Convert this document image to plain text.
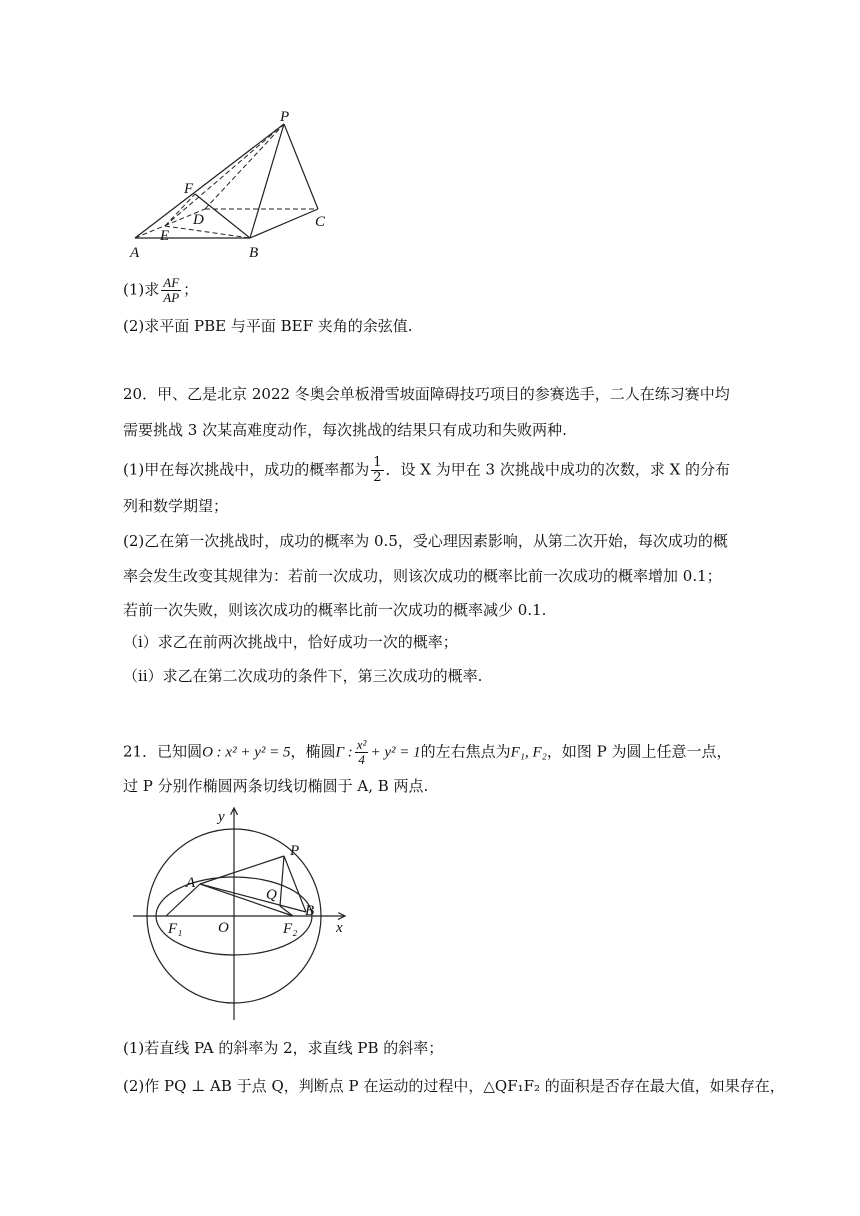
P
F
D	C
E
A	B
(1)求 $\frac{AF}{AP}$ ；
(2)求平面 PBE 与平面 BEF 夹角的余弦值.
20．甲、乙是北京 2022 冬奥会单板滑雪坡面障碍技巧项目的参赛选手，二人在练习赛中均
需要挑战 3 次某高难度动作，每次挑战的结果只有成功和失败两种.
(1)甲在每次挑战中，成功的概率都为 $\frac{1}{2}$ ．设 X 为甲在 3 次挑战中成功的次数，求 X 的分布
列和数学期望；
(2)乙在第一次挑战时，成功的概率为 0.5，受心理因素影响，从第二次开始，每次成功的概
率会发生改变其规律为：若前一次成功，则该次成功的概率比前一次成功的概率增加 0.1；
若前一次失败，则该次成功的概率比前一次成功的概率减少 0.1.
（ⅰ）求乙在前两次挑战中，恰好成功一次的概率；
（ⅱ）求乙在第二次成功的条件下，第三次成功的概率.
21．已知圆O : x² + y² = 5，椭圆Γ : $\frac{\text{x²}}{4} + y^2 = 1$的左右焦点为F₁, F₂，如图 P 为圆上任意一点，
过 P 分别作椭圆两条切线切椭圆于 A, B 两点.
y
x
O
P
A
Q
B
F₁	F₂
(1)若直线 PA 的斜率为 2，求直线 PB 的斜率；
(2)作 PQ ⊥ AB 于点 Q，判断点 P 在运动的过程中，△QF₁F₂ 的面积是否存在最大值，如果存在，
